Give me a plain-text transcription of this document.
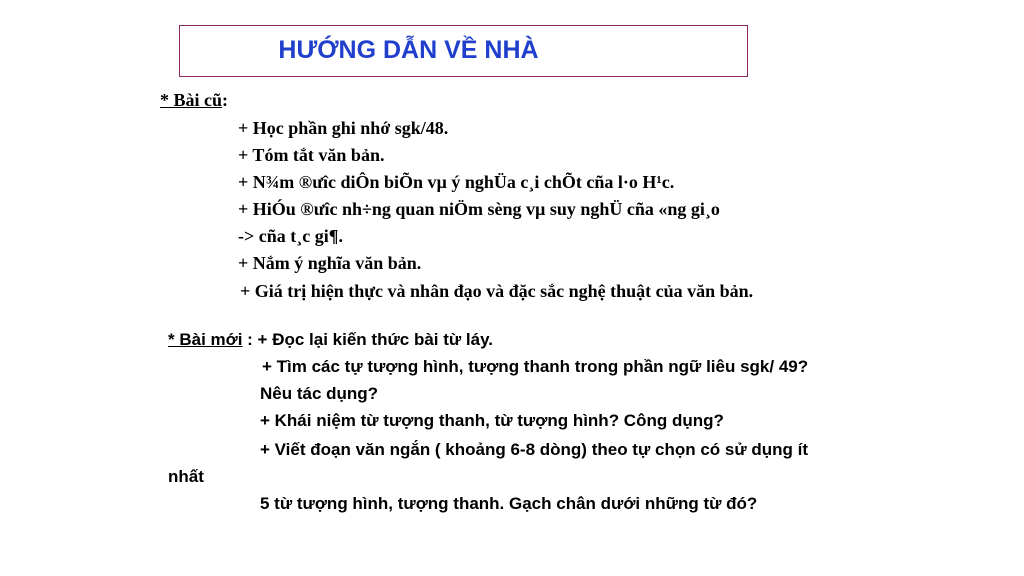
HƯỚNG DẪN VỀ NHÀ
* Bài cũ:
+ Học phần ghi nhớ sgk/48.
+ Tóm tắt văn bản.
+ N¾m ®ưîc diÔn biÕn vµ ý nghÜa c¸i chÕt cña l·o H¹c.
+ HiÓu ®ưîc nh÷ng quan niÖm sèng vµ suy nghÜ cña «ng gi¸o
-> cña t¸c gi¶.
+ Nắm ý nghĩa văn bản.
+ Giá trị hiện thực và nhân đạo và đặc sắc nghệ thuật của văn bản.
* Bài mới : + Đọc lại kiến thức bài từ láy.
+ Tìm các tự tượng hình, tượng thanh trong phần ngữ liêu sgk/ 49?
Nêu tác dụng?
+ Khái niệm từ tượng thanh, từ tượng hình? Công dụng?
+ Viết đoạn văn ngắn ( khoảng 6-8 dòng) theo tự chọn có sử dụng ít
nhất
5 từ tượng hình, tượng thanh. Gạch chân dưới những từ đó?
